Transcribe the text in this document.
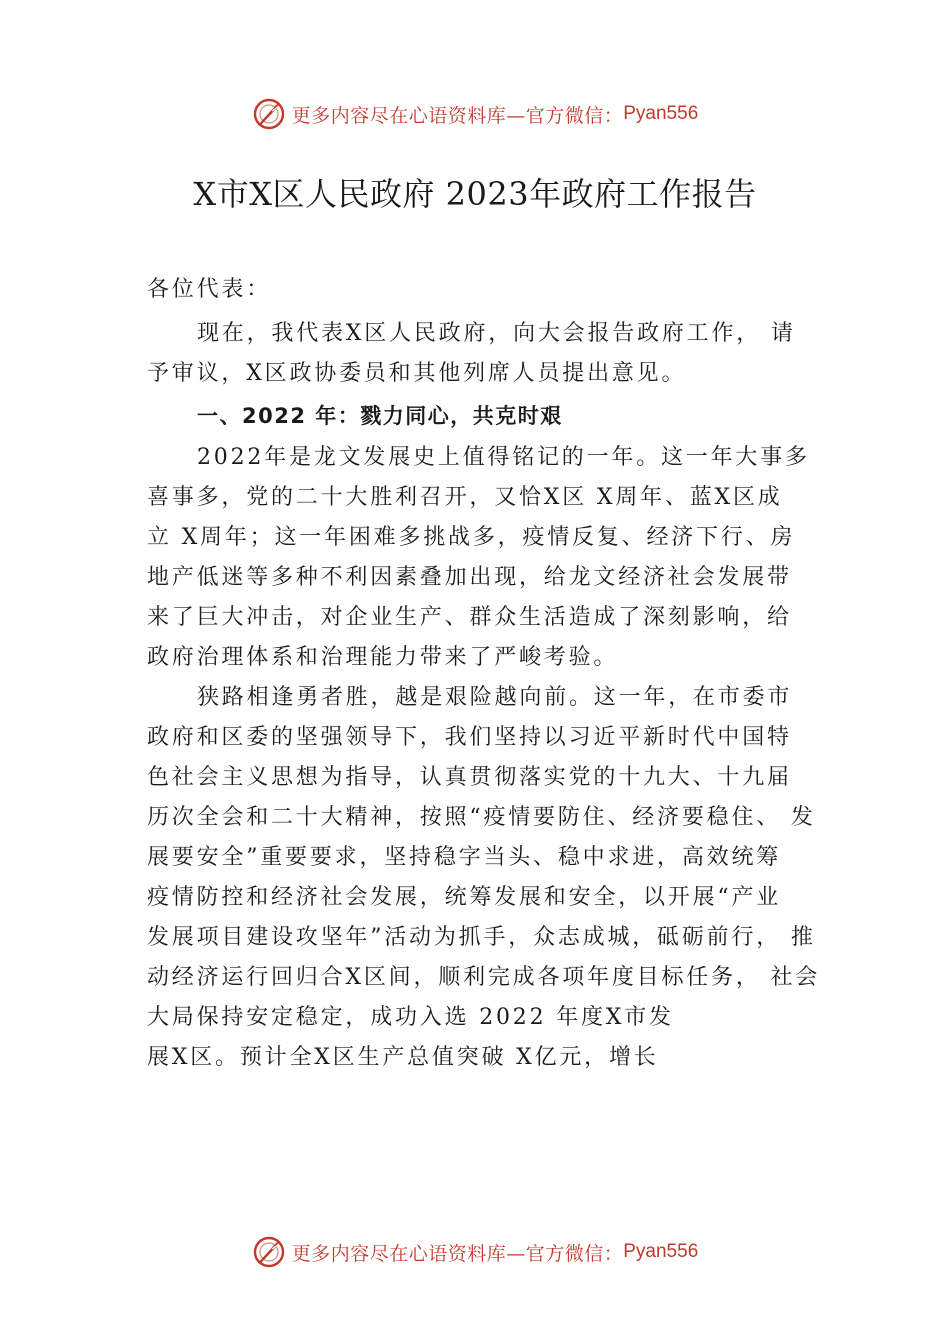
更多内容尽在心语资料库—官方微信： Pyan556
X市X区人民政府 2023年政府工作报告

各位代表：

现在，我代表X区人民政府，向大会报告政府工作， 请
予审议，X区政协委员和其他列席人员提出意见。

一、2022 年：戮力同心，共克时艰

2022年是龙文发展史上值得铭记的一年。这一年大事多
喜事多，党的二十大胜利召开，又恰X区 X周年、蓝X区成
立 X周年；这一年困难多挑战多，疫情反复、经济下行、房
地产低迷等多种不利因素叠加出现，给龙文经济社会发展带
来了巨大冲击，对企业生产、群众生活造成了深刻影响，给
政府治理体系和治理能力带来了严峻考验。

狭路相逢勇者胜，越是艰险越向前。这一年，在市委市
政府和区委的坚强领导下，我们坚持以习近平新时代中国特
色社会主义思想为指导，认真贯彻落实党的十九大、十九届
历次全会和二十大精神，按照“疫情要防住、经济要稳住、 发
展要安全”重要要求，坚持稳字当头、稳中求进，高效统筹
疫情防控和经济社会发展，统筹发展和安全，以开展“产业
发展项目建设攻坚年”活动为抓手，众志成城，砥砺前行， 推
动经济运行回归合X区间，顺利完成各项年度目标任务， 社会
大局保持安定稳定，成功入选 2022 年度X市发
展X区。预计全X区生产总值突破 X亿元，增长

更多内容尽在心语资料库—官方微信： Pyan556
